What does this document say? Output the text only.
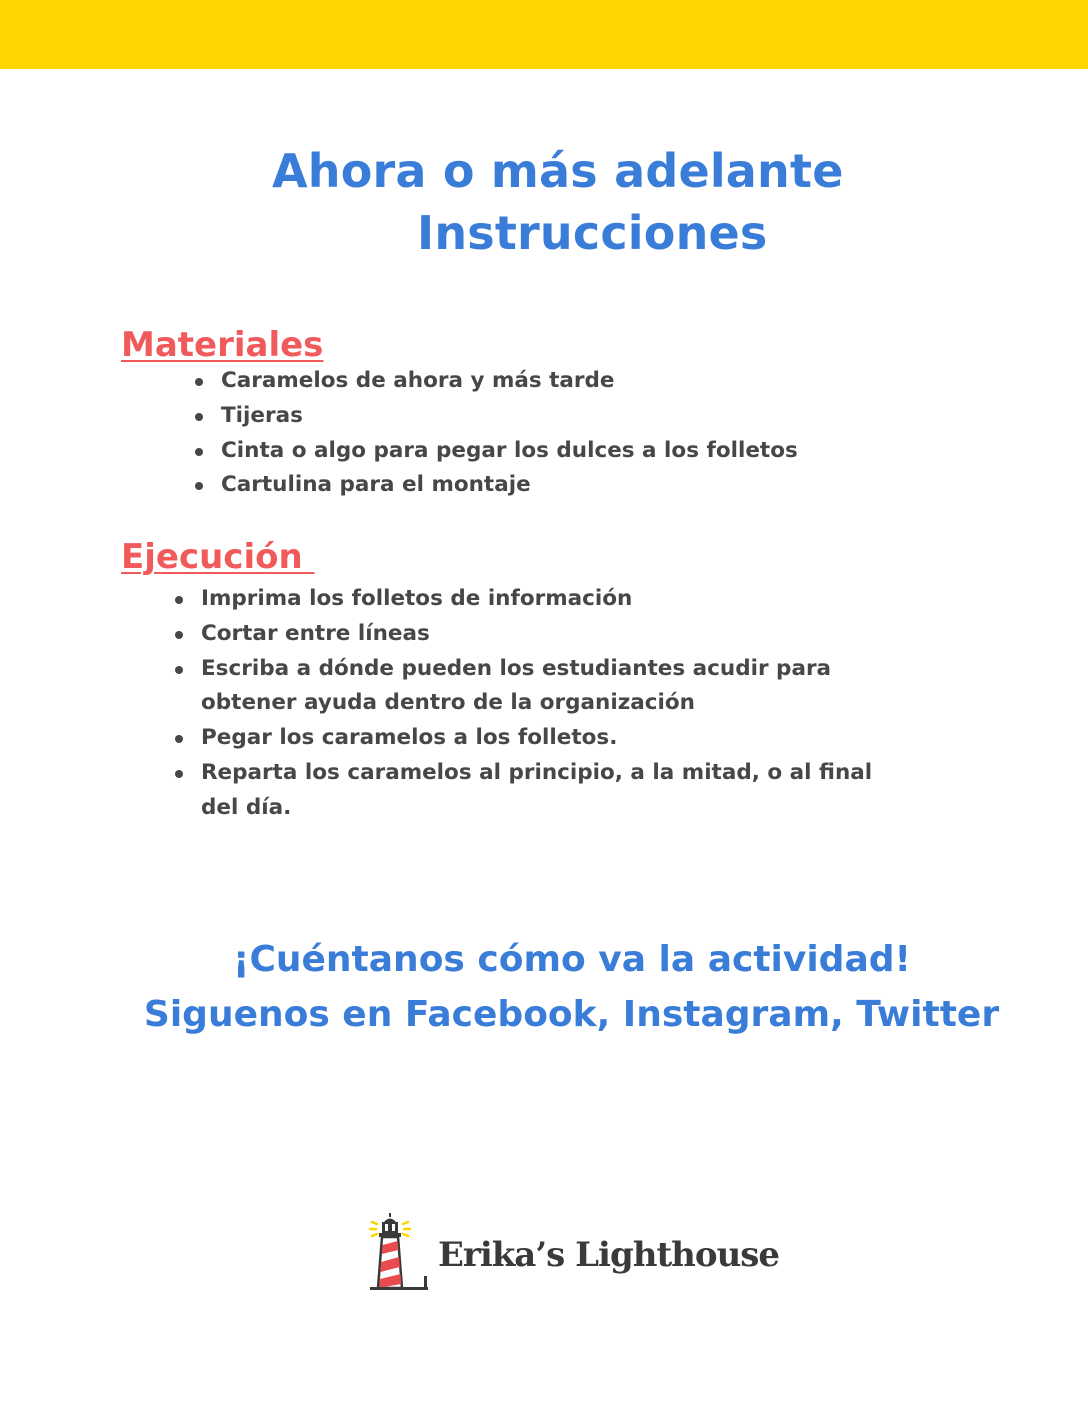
Ahora o más adelante
Instrucciones
Materiales
Caramelos de ahora y más tarde
Tijeras
Cinta o algo para pegar los dulces a los folletos
Cartulina para el montaje
Ejecución
Imprima los folletos de información
Cortar entre líneas
Escriba a dónde pueden los estudiantes acudir para obtener ayuda dentro de la organización
Pegar los caramelos a los folletos.
Reparta los caramelos al principio, a la mitad, o al final del día.
¡Cuéntanos cómo va la actividad!
Siguenos en Facebook, Instagram, Twitter
Erika’s Lighthouse
